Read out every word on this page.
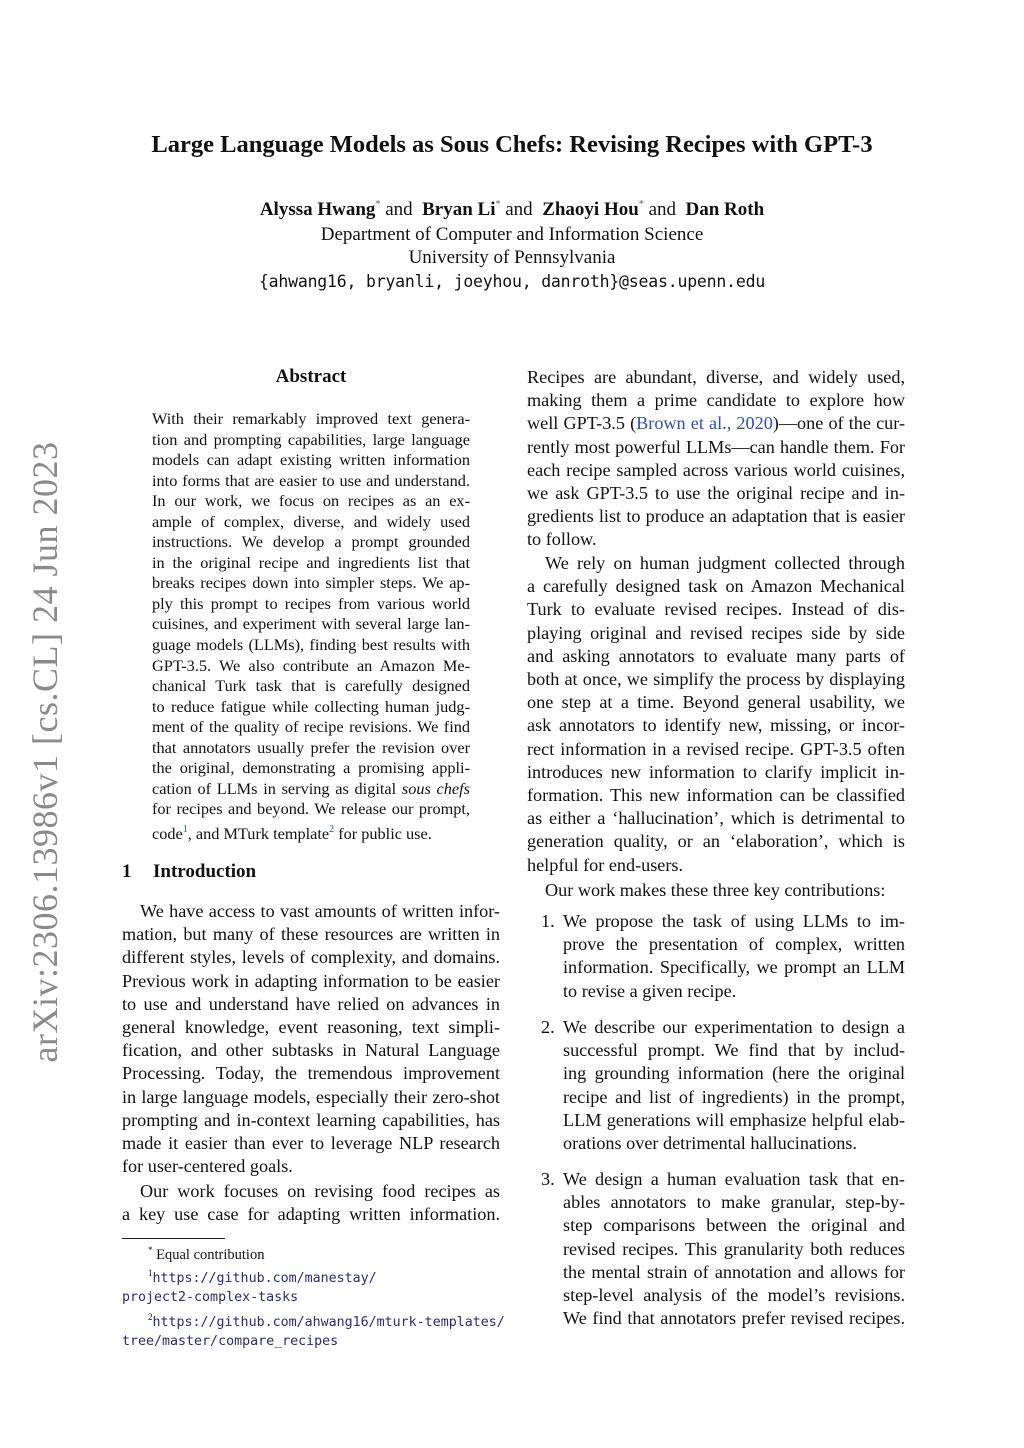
Large Language Models as Sous Chefs: Revising Recipes with GPT-3
Alyssa Hwang* and Bryan Li* and Zhaoyi Hou* and Dan Roth
Department of Computer and Information Science
University of Pennsylvania
{ahwang16, bryanli, joeyhou, danroth}@seas.upenn.edu
arXiv:2306.13986v1 [cs.CL] 24 Jun 2023
Abstract
With their remarkably improved text genera-
tion and prompting capabilities, large language
models can adapt existing written information
into forms that are easier to use and understand.
In our work, we focus on recipes as an ex-
ample of complex, diverse, and widely used
instructions. We develop a prompt grounded
in the original recipe and ingredients list that
breaks recipes down into simpler steps. We ap-
ply this prompt to recipes from various world
cuisines, and experiment with several large lan-
guage models (LLMs), finding best results with
GPT-3.5. We also contribute an Amazon Me-
chanical Turk task that is carefully designed
to reduce fatigue while collecting human judg-
ment of the quality of recipe revisions. We find
that annotators usually prefer the revision over
the original, demonstrating a promising appli-
cation of LLMs in serving as digital sous chefs
for recipes and beyond. We release our prompt,
code$^1$, and MTurk template$^2$ for public use.
1 Introduction
We have access to vast amounts of written infor-
mation, but many of these resources are written in
different styles, levels of complexity, and domains.
Previous work in adapting information to be easier
to use and understand have relied on advances in
general knowledge, event reasoning, text simpli-
fication, and other subtasks in Natural Language
Processing. Today, the tremendous improvement
in large language models, especially their zero-shot
prompting and in-context learning capabilities, has
made it easier than ever to leverage NLP research
for user-centered goals.
Our work focuses on revising food recipes as
a key use case for adapting written information.
* Equal contribution
$^1$https://github.com/manestay/
project2-complex-tasks
$^2$https://github.com/ahwang16/mturk-templates/
tree/master/compare_recipes
Recipes are abundant, diverse, and widely used,
making them a prime candidate to explore how
well GPT-3.5 (Brown et al., 2020)—one of the cur-
rently most powerful LLMs—can handle them. For
each recipe sampled across various world cuisines,
we ask GPT-3.5 to use the original recipe and in-
gredients list to produce an adaptation that is easier
to follow.
We rely on human judgment collected through
a carefully designed task on Amazon Mechanical
Turk to evaluate revised recipes. Instead of dis-
playing original and revised recipes side by side
and asking annotators to evaluate many parts of
both at once, we simplify the process by displaying
one step at a time. Beyond general usability, we
ask annotators to identify new, missing, or incor-
rect information in a revised recipe. GPT-3.5 often
introduces new information to clarify implicit in-
formation. This new information can be classified
as either a ‘hallucination’, which is detrimental to
generation quality, or an ‘elaboration’, which is
helpful for end-users.
Our work makes these three key contributions:
1. We propose the task of using LLMs to im-
prove the presentation of complex, written
information. Specifically, we prompt an LLM
to revise a given recipe.
2. We describe our experimentation to design a
successful prompt. We find that by includ-
ing grounding information (here the original
recipe and list of ingredients) in the prompt,
LLM generations will emphasize helpful elab-
orations over detrimental hallucinations.
3. We design a human evaluation task that en-
ables annotators to make granular, step-by-
step comparisons between the original and
revised recipes. This granularity both reduces
the mental strain of annotation and allows for
step-level analysis of the model’s revisions.
We find that annotators prefer revised recipes.
